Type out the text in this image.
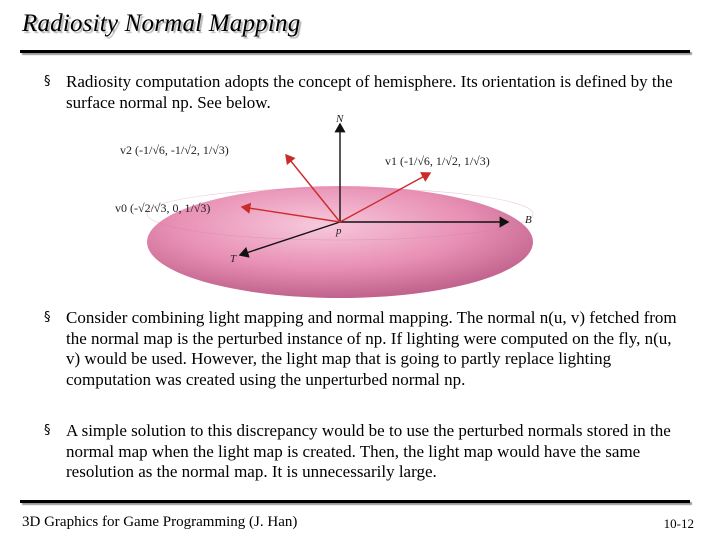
Radiosity Normal Mapping
§ Radiosity computation adopts the concept of hemisphere. Its orientation is defined by the surface normal np. See below.
N
B
T
p
v0 (-√2/√3, 0, 1/√3)
v1 (-1/√6, 1/√2, 1/√3)
v2 (-1/√6, -1/√2, 1/√3)
§ Consider combining light mapping and normal mapping. The normal n(u, v) fetched from the normal map is the perturbed instance of np. If lighting were computed on the fly, n(u, v) would be used. However, the light map that is going to partly replace lighting computation was created using the unperturbed normal np.
§ A simple solution to this discrepancy would be to use the perturbed normals stored in the normal map when the light map is created. Then, the light map would have the same resolution as the normal map. It is unnecessarily large.
3D Graphics for Game Programming (J. Han)	10-12
